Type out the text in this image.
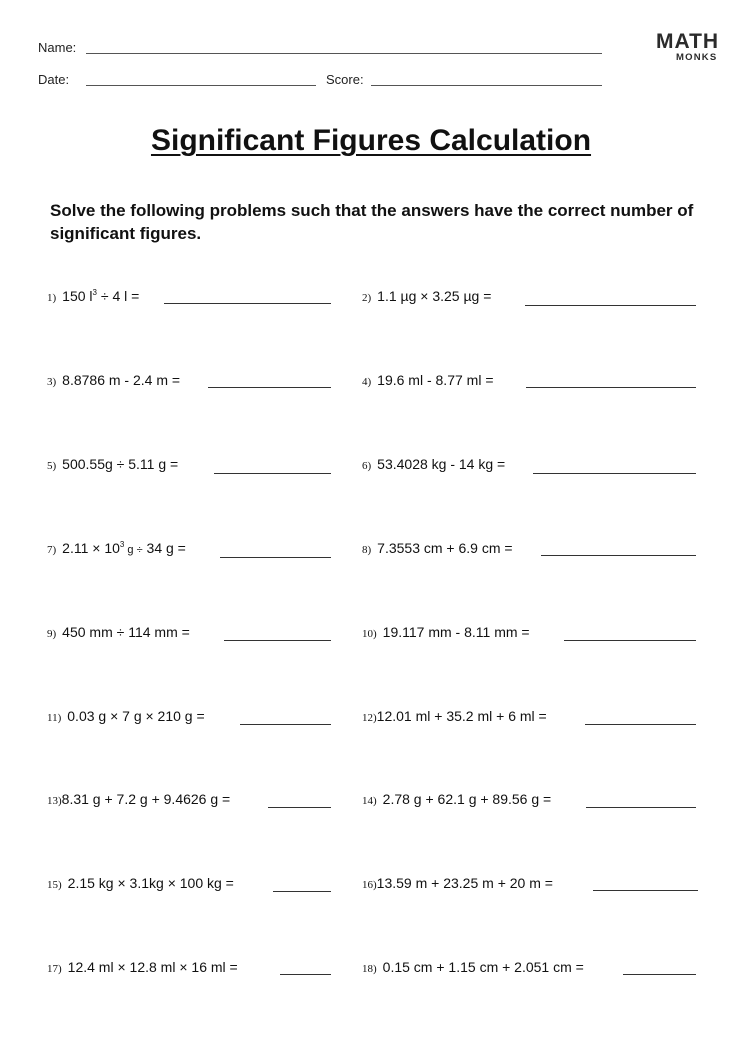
Name:
Date:	Score:
MATH
MONKS
Significant Figures Calculation
Solve the following problems such that the answers have the correct number of significant figures.
1) 150 $l^3 \div 4$ l =	2) 1.1 µg × 3.25 µg =
3) 8.8786 m - 2.4 m =	4) 19.6 ml - 8.77 ml =
5) 500.55g ÷ 5.11 g =	6) 53.4028 kg - 14 kg =
7) $2.11 \times 10^3$ g ÷ 34 g =	8) 7.3553 cm + 6.9 cm =
9) 450 mm ÷ 114 mm =	10) 19.117 mm - 8.11 mm =
11) 0.03 g × 7 g × 210 g =	12)12.01 ml + 35.2 ml + 6 ml =
13)8.31 g + 7.2 g + 9.4626 g =	14) 2.78 g + 62.1 g + 89.56 g =
15) 2.15 kg × 3.1kg × 100 kg =	16)13.59 m + 23.25 m + 20 m =
17) 12.4 ml × 12.8 ml × 16 ml =	18) 0.15 cm + 1.15 cm + 2.051 cm =
